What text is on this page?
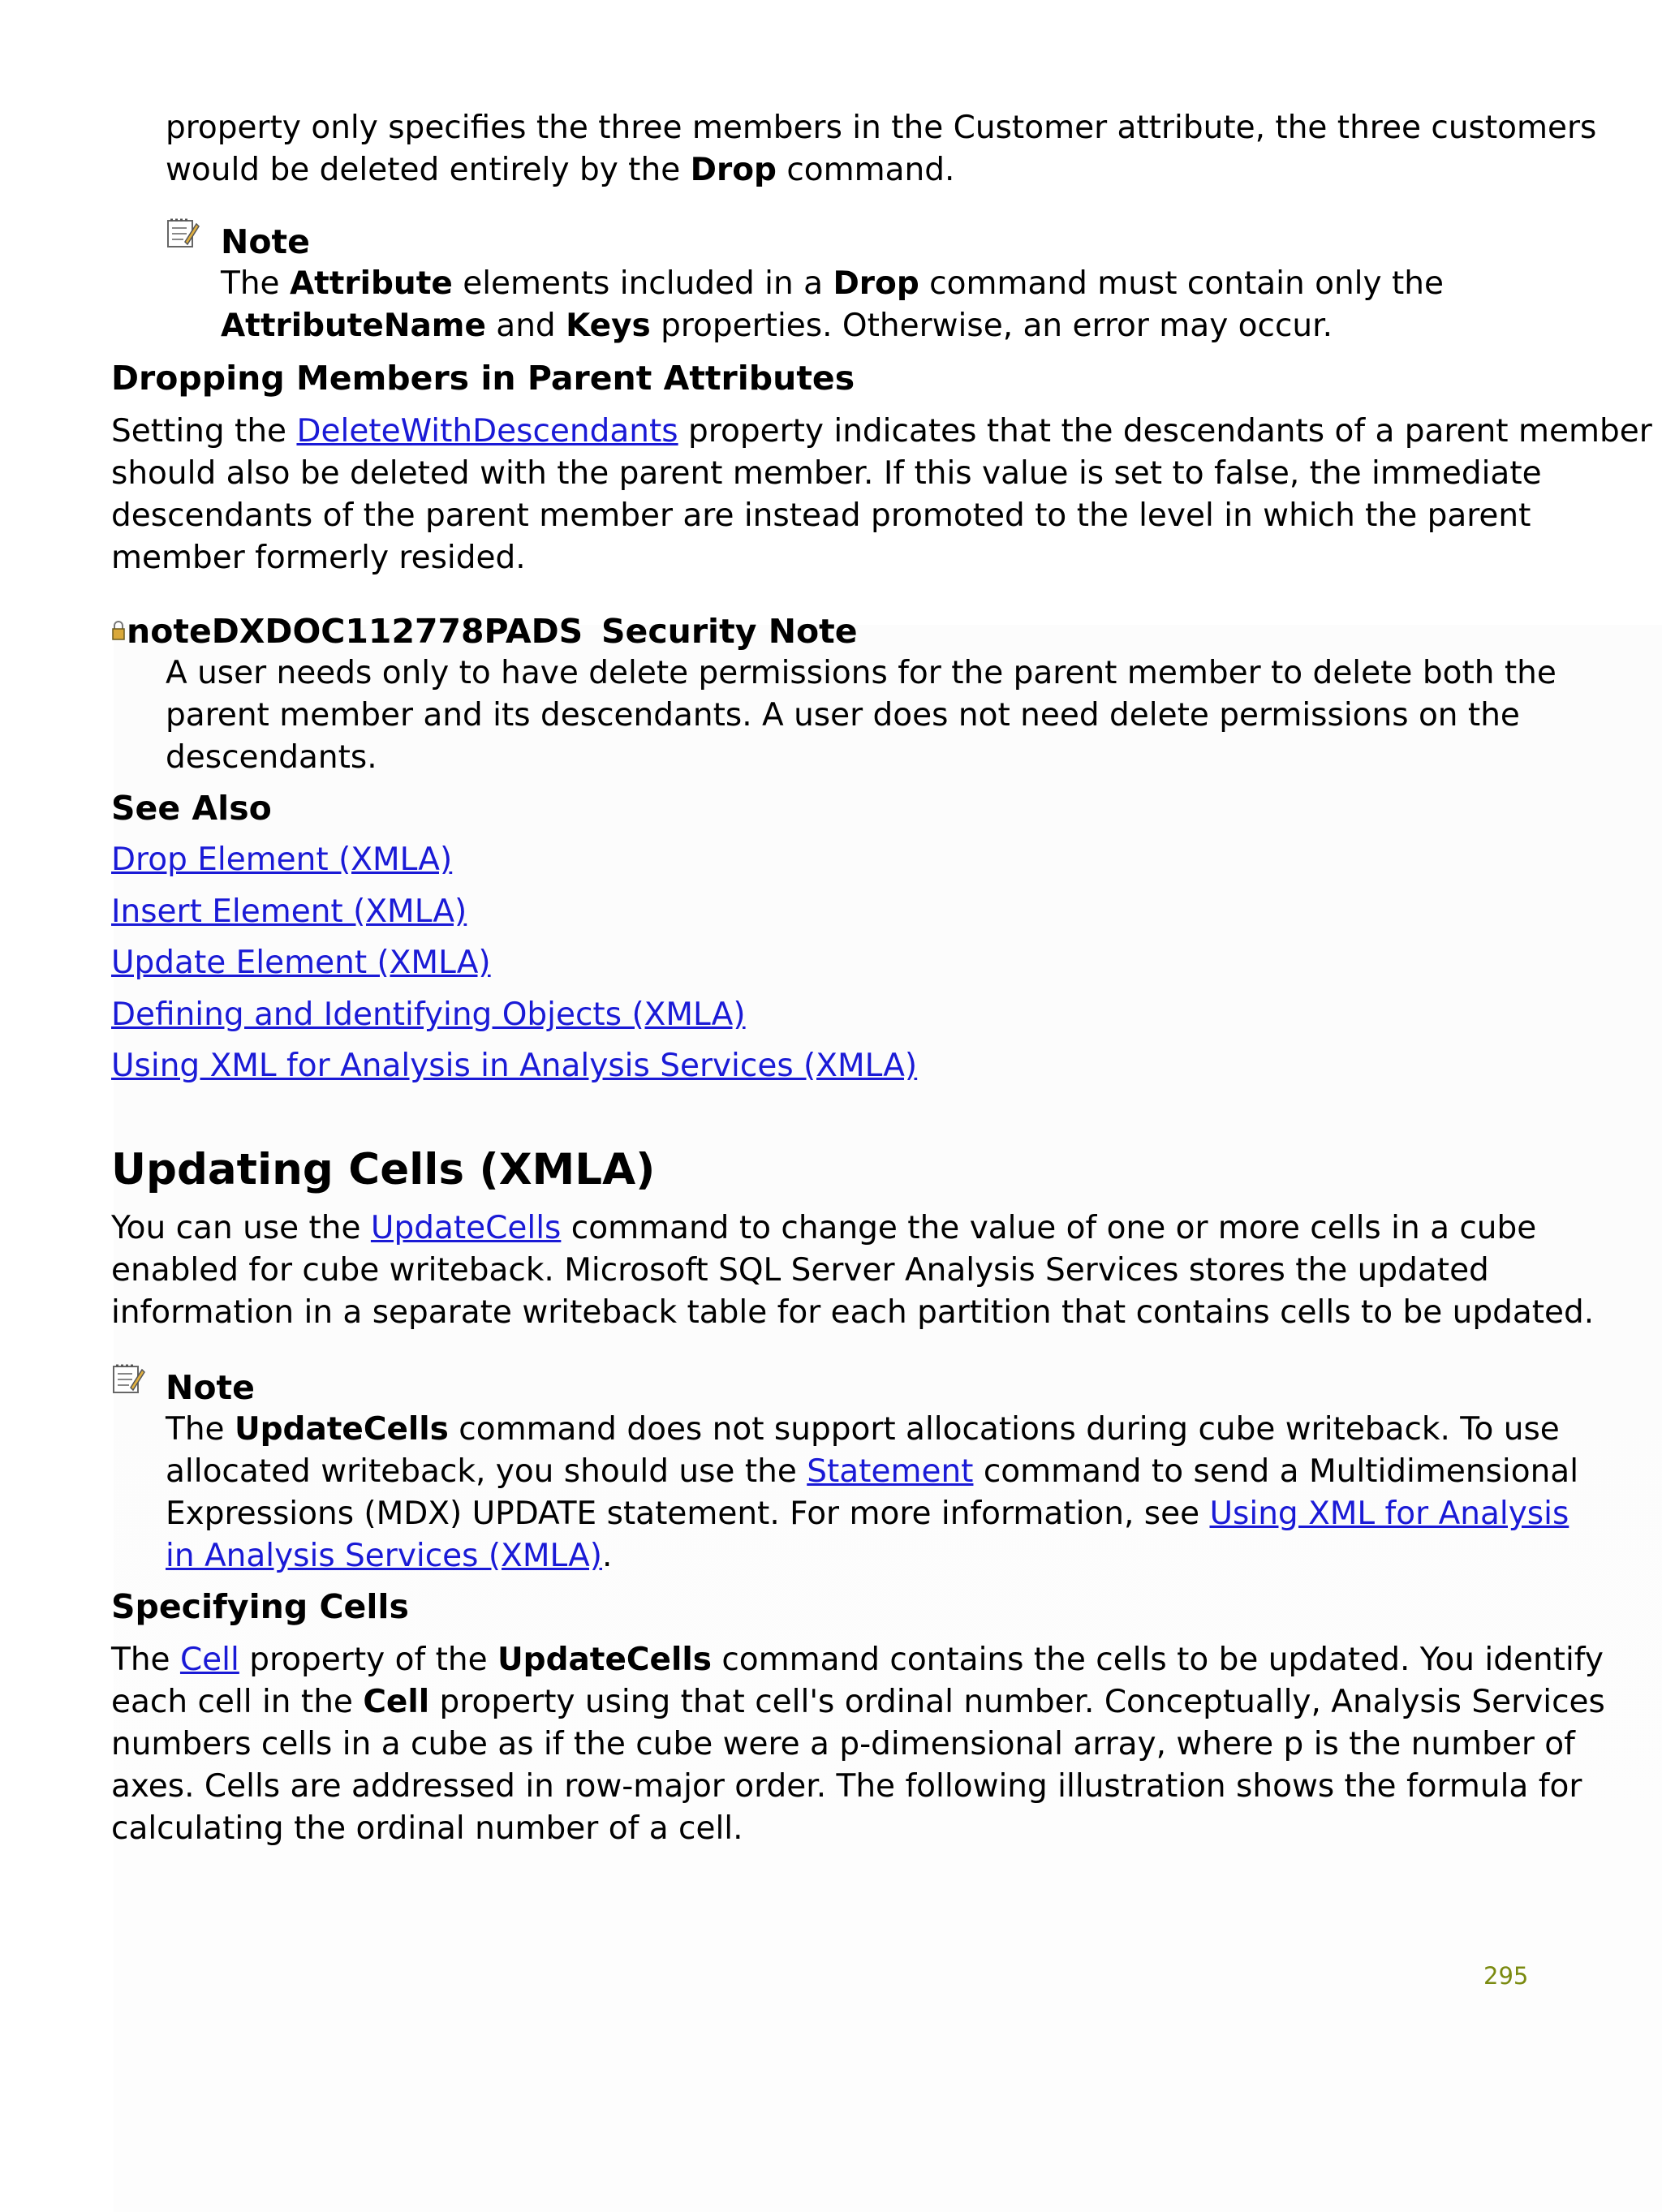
property only specifies the three members in the Customer attribute, the three customers
would be deleted entirely by the Drop command.
Note
The Attribute elements included in a Drop command must contain only the
AttributeName and Keys properties. Otherwise, an error may occur.
Dropping Members in Parent Attributes
Setting the DeleteWithDescendants property indicates that the descendants of a parent member
should also be deleted with the parent member. If this value is set to false, the immediate
descendants of the parent member are instead promoted to the level in which the parent
member formerly resided.
noteDXDOC112778PADS Security Note
A user needs only to have delete permissions for the parent member to delete both the
parent member and its descendants. A user does not need delete permissions on the
descendants.
See Also
Drop Element (XMLA)
Insert Element (XMLA)
Update Element (XMLA)
Defining and Identifying Objects (XMLA)
Using XML for Analysis in Analysis Services (XMLA)
Updating Cells (XMLA)
You can use the UpdateCells command to change the value of one or more cells in a cube
enabled for cube writeback. Microsoft SQL Server Analysis Services stores the updated
information in a separate writeback table for each partition that contains cells to be updated.
Note
The UpdateCells command does not support allocations during cube writeback. To use
allocated writeback, you should use the Statement command to send a Multidimensional
Expressions (MDX) UPDATE statement. For more information, see Using XML for Analysis
in Analysis Services (XMLA).
Specifying Cells
The Cell property of the UpdateCells command contains the cells to be updated. You identify
each cell in the Cell property using that cell's ordinal number. Conceptually, Analysis Services
numbers cells in a cube as if the cube were a p-dimensional array, where p is the number of
axes. Cells are addressed in row-major order. The following illustration shows the formula for
calculating the ordinal number of a cell.
295
